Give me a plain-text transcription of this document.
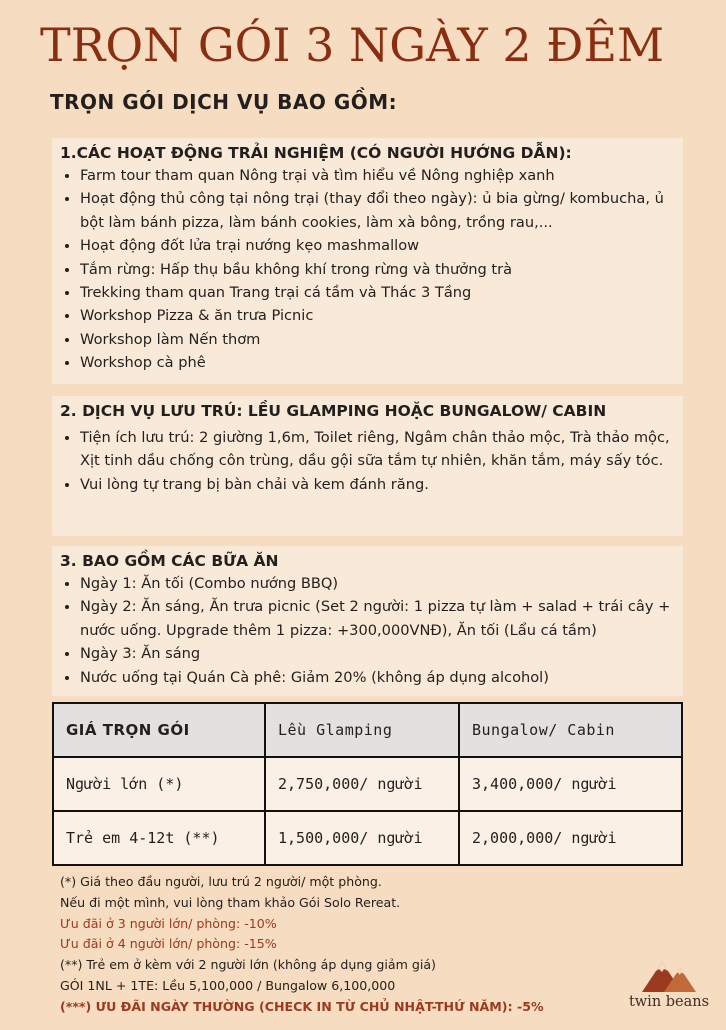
TRỌN GÓI 3 NGÀY 2 ĐÊM
TRỌN GÓI DỊCH VỤ BAO GỒM:
1.CÁC HOẠT ĐỘNG TRẢI NGHIỆM (CÓ NGƯỜI HƯỚNG DẪN):
• Farm tour tham quan Nông trại và tìm hiểu về Nông nghiệp xanh
• Hoạt động thủ công tại nông trại (thay đổi theo ngày): ủ bia gừng/ kombucha, ủ bột làm bánh pizza, làm bánh cookies, làm xà bông, trồng rau,...
• Hoạt động đốt lửa trại nướng kẹo mashmallow
• Tắm rừng: Hấp thụ bầu không khí trong rừng và thưởng trà
• Trekking tham quan Trang trại cá tầm và Thác 3 Tầng
• Workshop Pizza & ăn trưa Picnic
• Workshop làm Nến thơm
• Workshop cà phê
2. DỊCH VỤ LƯU TRÚ: LỀU GLAMPING HOẶC BUNGALOW/ CABIN
• Tiện ích lưu trú: 2 giường 1,6m, Toilet riêng, Ngâm chân thảo mộc, Trà thảo mộc, Xịt tinh dầu chống côn trùng, dầu gội sữa tắm tự nhiên, khăn tắm, máy sấy tóc.
• Vui lòng tự trang bị bàn chải và kem đánh răng.
3. BAO GỒM CÁC BỮA ĂN
• Ngày 1: Ăn tối (Combo nướng BBQ)
• Ngày 2: Ăn sáng, Ăn trưa picnic (Set 2 người: 1 pizza tự làm + salad + trái cây + nước uống. Upgrade thêm 1 pizza: +300,000VNĐ), Ăn tối (Lẩu cá tầm)
• Ngày 3: Ăn sáng
• Nước uống tại Quán Cà phê: Giảm 20% (không áp dụng alcohol)
GIÁ TRỌN GÓI	Lều Glamping	Bungalow/ Cabin
Người lớn (*)	2,750,000/ người	3,400,000/ người
Trẻ em 4-12t (**)	1,500,000/ người	2,000,000/ người
(*) Giá theo đầu người, lưu trú 2 người/ một phòng.
Nếu đi một mình, vui lòng tham khảo Gói Solo Rereat.
Ưu đãi ở 3 người lớn/ phòng: -10%
Ưu đãi ở 4 người lớn/ phòng: -15%
(**) Trẻ em ở kèm với 2 người lớn (không áp dụng giảm giá)
GÓI 1NL + 1TE: Lều 5,100,000 / Bungalow 6,100,000
(***) ƯU ĐÃI NGÀY THƯỜNG (CHECK IN TỪ CHỦ NHẬT-THỨ NĂM): -5%	twin beans
